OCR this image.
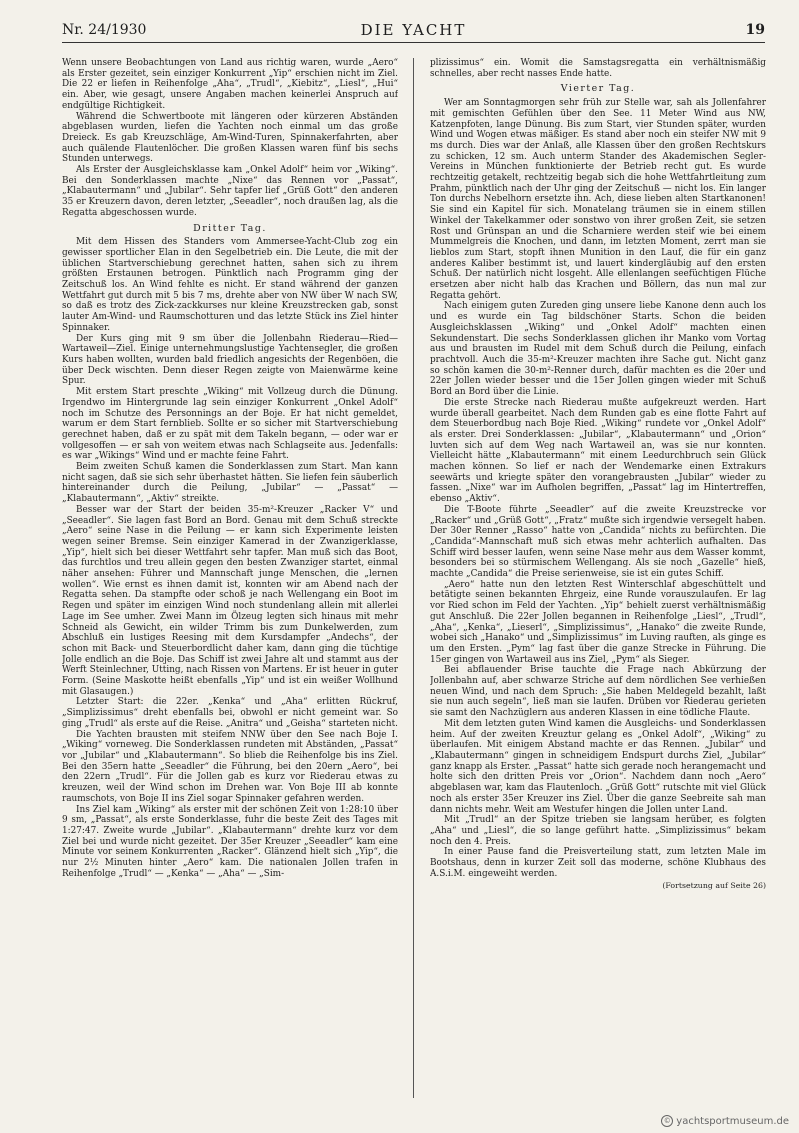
Nr. 24/1930	DIE YACHT	19

Wenn unsere Beobachtungen von Land aus richtig waren, wurde „Aero“ als Erster gezeitet, sein einziger Konkurrent „Yip“ erschien nicht im Ziel. Die 22 er liefen in Reihenfolge „Aha“, „Trudl“, „Kiebitz“, „Liesl“, „Hui“ ein. Aber, wie gesagt, unsere Angaben machen keinerlei Anspruch auf endgültige Richtigkeit.

Während die Schwertboote mit längeren oder kürzeren Abständen abgeblasen wurden, liefen die Yachten noch einmal um das große Dreieck. Es gab Kreuzschläge, Am-Wind-Turen, Spinnakerfahrten, aber auch quälende Flautenlöcher. Die großen Klassen waren fünf bis sechs Stunden unterwegs.

Als Erster der Ausgleichsklasse kam „Onkel Adolf“ heim vor „Wiking“. Bei den Sonderklassen machte „Nixe“ das Rennen vor „Passat“, „Klabautermann“ und „Jubilar“. Sehr tapfer lief „Grüß Gott“ den anderen 35 er Kreuzern davon, deren letzter, „Seeadler“, noch draußen lag, als die Regatta abgeschossen wurde.

Dritter Tag.

Mit dem Hissen des Standers vom Ammersee-Yacht-Club zog ein gewisser sportlicher Elan in den Segelbetrieb ein. Die Leute, die mit der üblichen Startverschiebung gerechnet hatten, sahen sich zu ihrem größten Erstaunen betrogen. Pünktlich nach Programm ging der Zeitschuß los. An Wind fehlte es nicht. Er stand während der ganzen Wettfahrt gut durch mit 5 bis 7 ms, drehte aber von NW über W nach SW, so daß es trotz des Zick-zackkurses nur kleine Kreuzstrecken gab, sonst lauter Am-Wind- und Raumschotturen und das letzte Stück ins Ziel hinter Spinnaker.

Der Kurs ging mit 9 sm über die Jollenbahn Riederau—Ried—Wartaweil—Ziel. Einige unternehmungslustige Yachtensegler, die großen Kurs haben wollten, wurden bald friedlich angesichts der Regenböen, die über Deck wischten. Denn dieser Regen zeigte von Maienwärme keine Spur.

Mit erstem Start preschte „Wiking“ mit Vollzeug durch die Dünung. Irgendwo im Hintergrunde lag sein einziger Konkurrent „Onkel Adolf“ noch im Schutze des Personnings an der Boje. Er hat nicht gemeldet, warum er dem Start fernblieb. Sollte er so sicher mit Startverschiebung gerechnet haben, daß er zu spät mit dem Takeln begann, — oder war er vollgesoffen — er sah von weitem etwas nach Schlagseite aus. Jedenfalls: es war „Wikings“ Wind und er machte feine Fahrt.

Beim zweiten Schuß kamen die Sonderklassen zum Start. Man kann nicht sagen, daß sie sich sehr überhastet hätten. Sie liefen fein säuberlich hintereinander durch die Peilung, „Jubilar“ — „Passat“ — „Klabautermann“, „Aktiv“ streikte.

Besser war der Start der beiden 35-m²-Kreuzer „Racker V“ und „Seeadler“. Sie lagen fast Bord an Bord. Genau mit dem Schuß streckte „Aero“ seine Nase in die Peilung — er kann sich Experimente leisten wegen seiner Bremse. Sein einziger Kamerad in der Zwanzigerklasse, „Yip“, hielt sich bei dieser Wettfahrt sehr tapfer. Man muß sich das Boot, das furchtlos und treu allein gegen den besten Zwanziger startet, einmal näher ansehen: Führer und Mannschaft junge Menschen, die „lernen wollen“. Wie ernst es ihnen damit ist, konnten wir am Abend nach der Regatta sehen. Da stampfte oder schoß je nach Wellengang ein Boot im Regen und später im einzigen Wind noch stundenlang allein mit allerlei Lage im See umher. Zwei Mann im Ölzeug legten sich hinaus mit mehr Schneid als Gewicht, ein wilder Trimm bis zum Dunkelwerden, zum Abschluß ein lustiges Reesing mit dem Kursdampfer „Andechs“, der schon mit Back- und Steuerbordlicht daher kam, dann ging die tüchtige Jolle endlich an die Boje. Das Schiff ist zwei Jahre alt und stammt aus der Werft Steinlechner, Utting, nach Rissen von Martens. Er ist heuer in guter Form. (Seine Maskotte heißt ebenfalls „Yip“ und ist ein weißer Wollhund mit Glasaugen.)

Letzter Start: die 22er. „Kenka“ und „Aha“ erlitten Rückruf, „Simplizissimus“ dreht ebenfalls bei, obwohl er nicht gemeint war. So ging „Trudl“ als erste auf die Reise. „Anitra“ und „Geisha“ starteten nicht.

Die Yachten brausten mit steifem NNW über den See nach Boje I. „Wiking“ vorneweg. Die Sonderklassen rundeten mit Abständen, „Passat“ vor „Jubilar“ und „Klabautermann“. So blieb die Reihenfolge bis ins Ziel. Bei den 35ern hatte „Seeadler“ die Führung, bei den 20ern „Aero“, bei den 22ern „Trudl“. Für die Jollen gab es kurz vor Riederau etwas zu kreuzen, weil der Wind schon im Drehen war. Von Boje III ab konnte raumschots, von Boje II ins Ziel sogar Spinnaker gefahren werden.

Ins Ziel kam „Wiking“ als erster mit der schönen Zeit von 1:28:10 über 9 sm, „Passat“, als erste Sonderklasse, fuhr die beste Zeit des Tages mit 1:27:47. Zweite wurde „Jubilar“. „Klabautermann“ drehte kurz vor dem Ziel bei und wurde nicht gezeitet. Der 35er Kreuzer „Seeadler“ kam eine Minute vor seinem Konkurrenten „Racker“. Glänzend hielt sich „Yip“, die nur 2½ Minuten hinter „Aero“ kam. Die nationalen Jollen trafen in Reihenfolge „Trudl“ — „Kenka“ — „Aha“ — „Sim-

plizissimus“ ein. Womit die Samstagsregatta ein verhältnismäßig schnelles, aber recht nasses Ende hatte.

Vierter Tag.

Wer am Sonntagmorgen sehr früh zur Stelle war, sah als Jollenfahrer mit gemischten Gefühlen über den See. 11 Meter Wind aus NW, Katzenpfoten, lange Dünung. Bis zum Start, vier Stunden später, wurden Wind und Wogen etwas mäßiger. Es stand aber noch ein steifer NW mit 9 ms durch. Dies war der Anlaß, alle Klassen über den großen Rechtskurs zu schicken, 12 sm. Auch unterm Stander des Akademischen Segler-Vereins in München funktionierte der Betrieb recht gut. Es wurde rechtzeitig getakelt, rechtzeitig begab sich die hohe Wettfahrtleitung zum Prahm, pünktlich nach der Uhr ging der Zeitschuß — nicht los. Ein langer Ton durchs Nebelhorn ersetzte ihn. Ach, diese lieben alten Startkanonen! Sie sind ein Kapitel für sich. Monatelang träumen sie in einem stillen Winkel der Takelkammer oder sonstwo von ihrer großen Zeit, sie setzen Rost und Grünspan an und die Scharniere werden steif wie bei einem Mummelgreis die Knochen, und dann, im letzten Moment, zerrt man sie lieblos zum Start, stopft ihnen Munition in den Lauf, die für ein ganz anderes Kaliber bestimmt ist, und lauert kindergläubig auf den ersten Schuß. Der natürlich nicht losgeht. Alle ellenlangen seefüchtigen Flüche ersetzen aber nicht halb das Krachen und Böllern, das nun mal zur Regatta gehört.

Nach einigem guten Zureden ging unsere liebe Kanone denn auch los und es wurde ein Tag bildschöner Starts. Schon die beiden Ausgleichsklassen „Wiking“ und „Onkel Adolf“ machten einen Sekundenstart. Die sechs Sonderklassen glichen ihr Manko vom Vortag aus und brausten im Rudel mit dem Schuß durch die Peilung, einfach prachtvoll. Auch die 35-m²-Kreuzer machten ihre Sache gut. Nicht ganz so schön kamen die 30-m²-Renner durch, dafür machten es die 20er und 22er Jollen wieder besser und die 15er Jollen gingen wieder mit Schuß Bord an Bord über die Linie.

Die erste Strecke nach Riederau mußte aufgekreuzt werden. Hart wurde überall gearbeitet. Nach dem Runden gab es eine flotte Fahrt auf dem Steuerbordbug nach Boje Ried. „Wiking“ rundete vor „Onkel Adolf“ als erster. Drei Sonderklassen: „Jubilar“, „Klabautermann“ und „Orion“ luvten sich auf dem Weg nach Wartaweil an, was sie nur konnten. Vielleicht hätte „Klabautermann“ mit einem Leedurchbruch sein Glück machen können. So lief er nach der Wendemarke einen Extrakurs seewärts und kriegte später den vorangebrausten „Jubilar“ wieder zu fassen. „Nixe“ war im Aufholen begriffen, „Passat“ lag im Hintertreffen, ebenso „Aktiv“.

Die T-Boote führte „Seeadler“ auf die zweite Kreuzstrecke vor „Racker“ und „Grüß Gott“, „Fratz“ mußte sich irgendwie versegelt haben. Der 30er Renner „Rasso“ hatte von „Candida“ nichts zu befürchten. Die „Candida“-Mannschaft muß sich etwas mehr achterlich aufhalten. Das Schiff wird besser laufen, wenn seine Nase mehr aus dem Wasser kommt, besonders bei so stürmischem Wellengang. Als sie noch „Gazelle“ hieß, machte „Candida“ die Preise serienweise, sie ist ein gutes Schiff.

„Aero“ hatte nun den letzten Rest Winterschlaf abgeschüttelt und betätigte seinen bekannten Ehrgeiz, eine Runde vorauszulaufen. Er lag vor Ried schon im Feld der Yachten. „Yip“ behielt zuerst verhältnismäßig gut Anschluß. Die 22er Jollen begannen in Reihenfolge „Liesl“, „Trudl“, „Aha“, „Kenka“, „Lieserl“, „Simplizissimus“, „Hanako“ die zweite Runde, wobei sich „Hanako“ und „Simplizissimus“ im Luving rauften, als ginge es um den Ersten. „Pym“ lag fast über die ganze Strecke in Führung. Die 15er gingen von Wartaweil aus ins Ziel, „Pym“ als Sieger.

Bei abflauender Brise tauchte die Frage nach Abkürzung der Jollenbahn auf, aber schwarze Striche auf dem nördlichen See verhießen neuen Wind, und nach dem Spruch: „Sie haben Meldegeld bezahlt, laßt sie nun auch segeln“, ließ man sie laufen. Drüben vor Riederau gerieten sie samt den Nachzüglern aus anderen Klassen in eine tödliche Flaute.

Mit dem letzten guten Wind kamen die Ausgleichs- und Sonderklassen heim. Auf der zweiten Kreuztur gelang es „Onkel Adolf“, „Wiking“ zu überlaufen. Mit einigem Abstand machte er das Rennen. „Jubilar“ und „Klabautermann“ gingen in schneidigem Endspurt durchs Ziel, „Jubilar“ ganz knapp als Erster. „Passat“ hatte sich gerade noch herangemacht und holte sich den dritten Preis vor „Orion“. Nachdem dann noch „Aero“ abgeblasen war, kam das Flautenloch. „Grüß Gott“ rutschte mit viel Glück noch als erster 35er Kreuzer ins Ziel. Über die ganze Seebreite sah man dann nichts mehr. Weit am Westufer hingen die Jollen unter Land.

Mit „Trudl“ an der Spitze trieben sie langsam herüber, es folgten „Aha“ und „Liesl“, die so lange geführt hatte. „Simplizissimus“ bekam noch den 4. Preis.

In einer Pause fand die Preisverteilung statt, zum letzten Male im Bootshaus, denn in kurzer Zeit soll das moderne, schöne Klubhaus des A.S.i.M. eingeweiht werden.

(Fortsetzung auf Seite 26)

© yachtsportmuseum.de
